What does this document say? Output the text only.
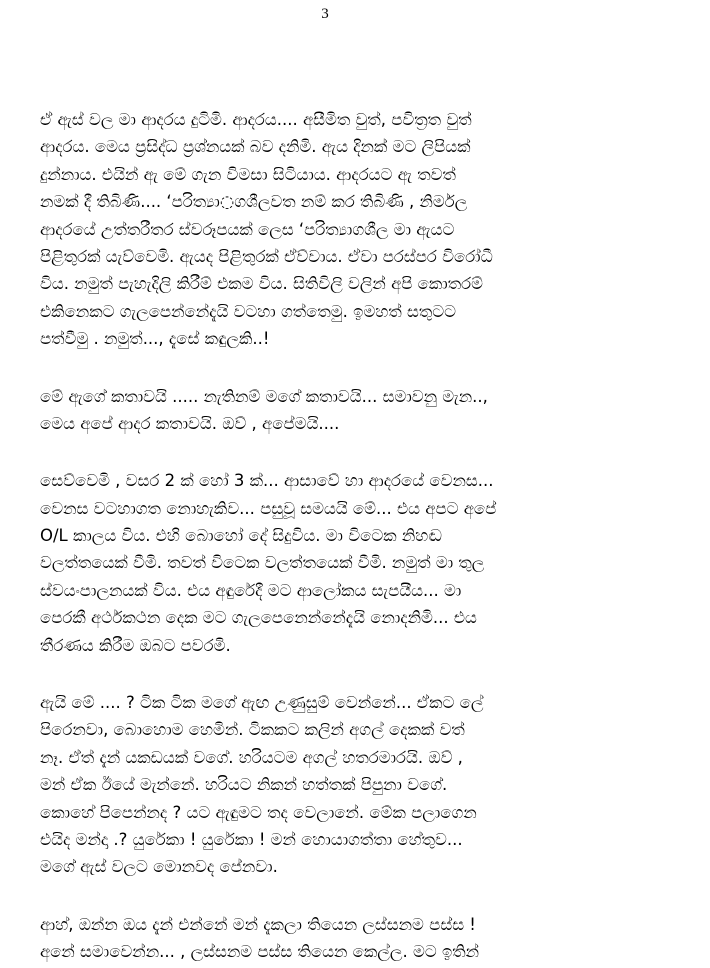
3
ඒ ඇස් වල මා ආදරය දුටිමි. ආදරය.... අසීමිත වුත්, පවිත්‍රත වුත්
ආදරය. මෙය ප්‍රසිද්ධ ප්‍රශ්නයක් බව දනිමි. ඇය දිනක් මට ලිපියක්
දුන්නාය. එයින් ඇ මේ ගැන විමසා සිටියාය. ආදරයට ඇ තවත්
නමක් දී තිබිණි.... ‘පරිත්‍යා◌ගශීලවත නම් කර තිබිණි , නිර්මල
ආදරයේ උත්තරීතර ස්වරූපයක් ලෙස ‘පරිත්‍යාගශීල මා ඇයට
පිළිතුරක් යැව්වෙමි. ඇයද පිළිතුරක් ඒව්වාය. ඒවා පරස්පර විරෝධී
විය. නමුත් පැහැදිලි කිරීම් එකම විය. සිතිවිලි වලින් අපි කොතරම්
එකිනෙකට ගැලපෙන්නේදැයි වටහා ගත්තෙමු. ඉමහත් සතුටට
පත්වීමු . නමුත්..., දැසේ කඳුලකි..!
මේ ඇගේ කතාවයි ..... නැතිනම් මගේ කතාවයි... සමාවනු මැන..,
මෙය අපේ ආදර කතාවයි. ඔව් , අපේමයි....
සෙව්වෙමි , වසර 2 ක් හෝ 3 ක්... ආසාවේ හා ආදරයේ වෙනස...
වෙනස වටහාගත නොහැකිව... පසුවූ සමයයි මේ... එය අපට අපේ
O/L කාලය විය. එහි බොහෝ දේ සිදුවිය. මා විටෙක නිහඬ
වලත්තයෙක් වීමි. තවත් විටෙක වලත්තයෙක් වීමි. නමුත් මා තුල
ස්වයංපාලනයක් විය. එය අඳුරේදී මට ආලෝකය සැපයීය... මා
පෙරකී අර්ථකථන දෙක මට ගැලපෙනෙන්නේදැයි නොදනිමි... එය
තීරණය කිරීම ඔබට පවරමි.
ඇයි මේ .... ? ටික ටික මගේ ඇඟ උණුසුම් වෙන්නේ... ඒකට ලේ
පිරෙනවා, බොහොම හෙමින්. ටිකකට කලින් අගල් දෙකක් වත්
නෑ. ඒත් දැන් යකඩයක් වගේ. හරියටම අගල් හතරමාරයි. ඔව් ,
මන් ඒක ඊයේ මැන්නේ. හරියට නිකන් හත්තක් පිපුනා වගේ.
කොහේ පිපෙන්නද ? යට ඇඳුමට තද වෙලානේ. මේක පලාගෙන
එයිද මන්දා .? යුරේකා ! යුරේකා ! මන් හොයාගත්තා හේතුව...
මගේ ඇස් වලට මොනවද පේනවා.
ආහ්, ඔන්න ඔය දැන් එන්නේ මන් දැකලා තියෙන ලස්සනම පස්ස !
අනේ සමාවෙන්න... , ලස්සනම පස්ස තියෙන කෙල්ල. මට ඉතින්
